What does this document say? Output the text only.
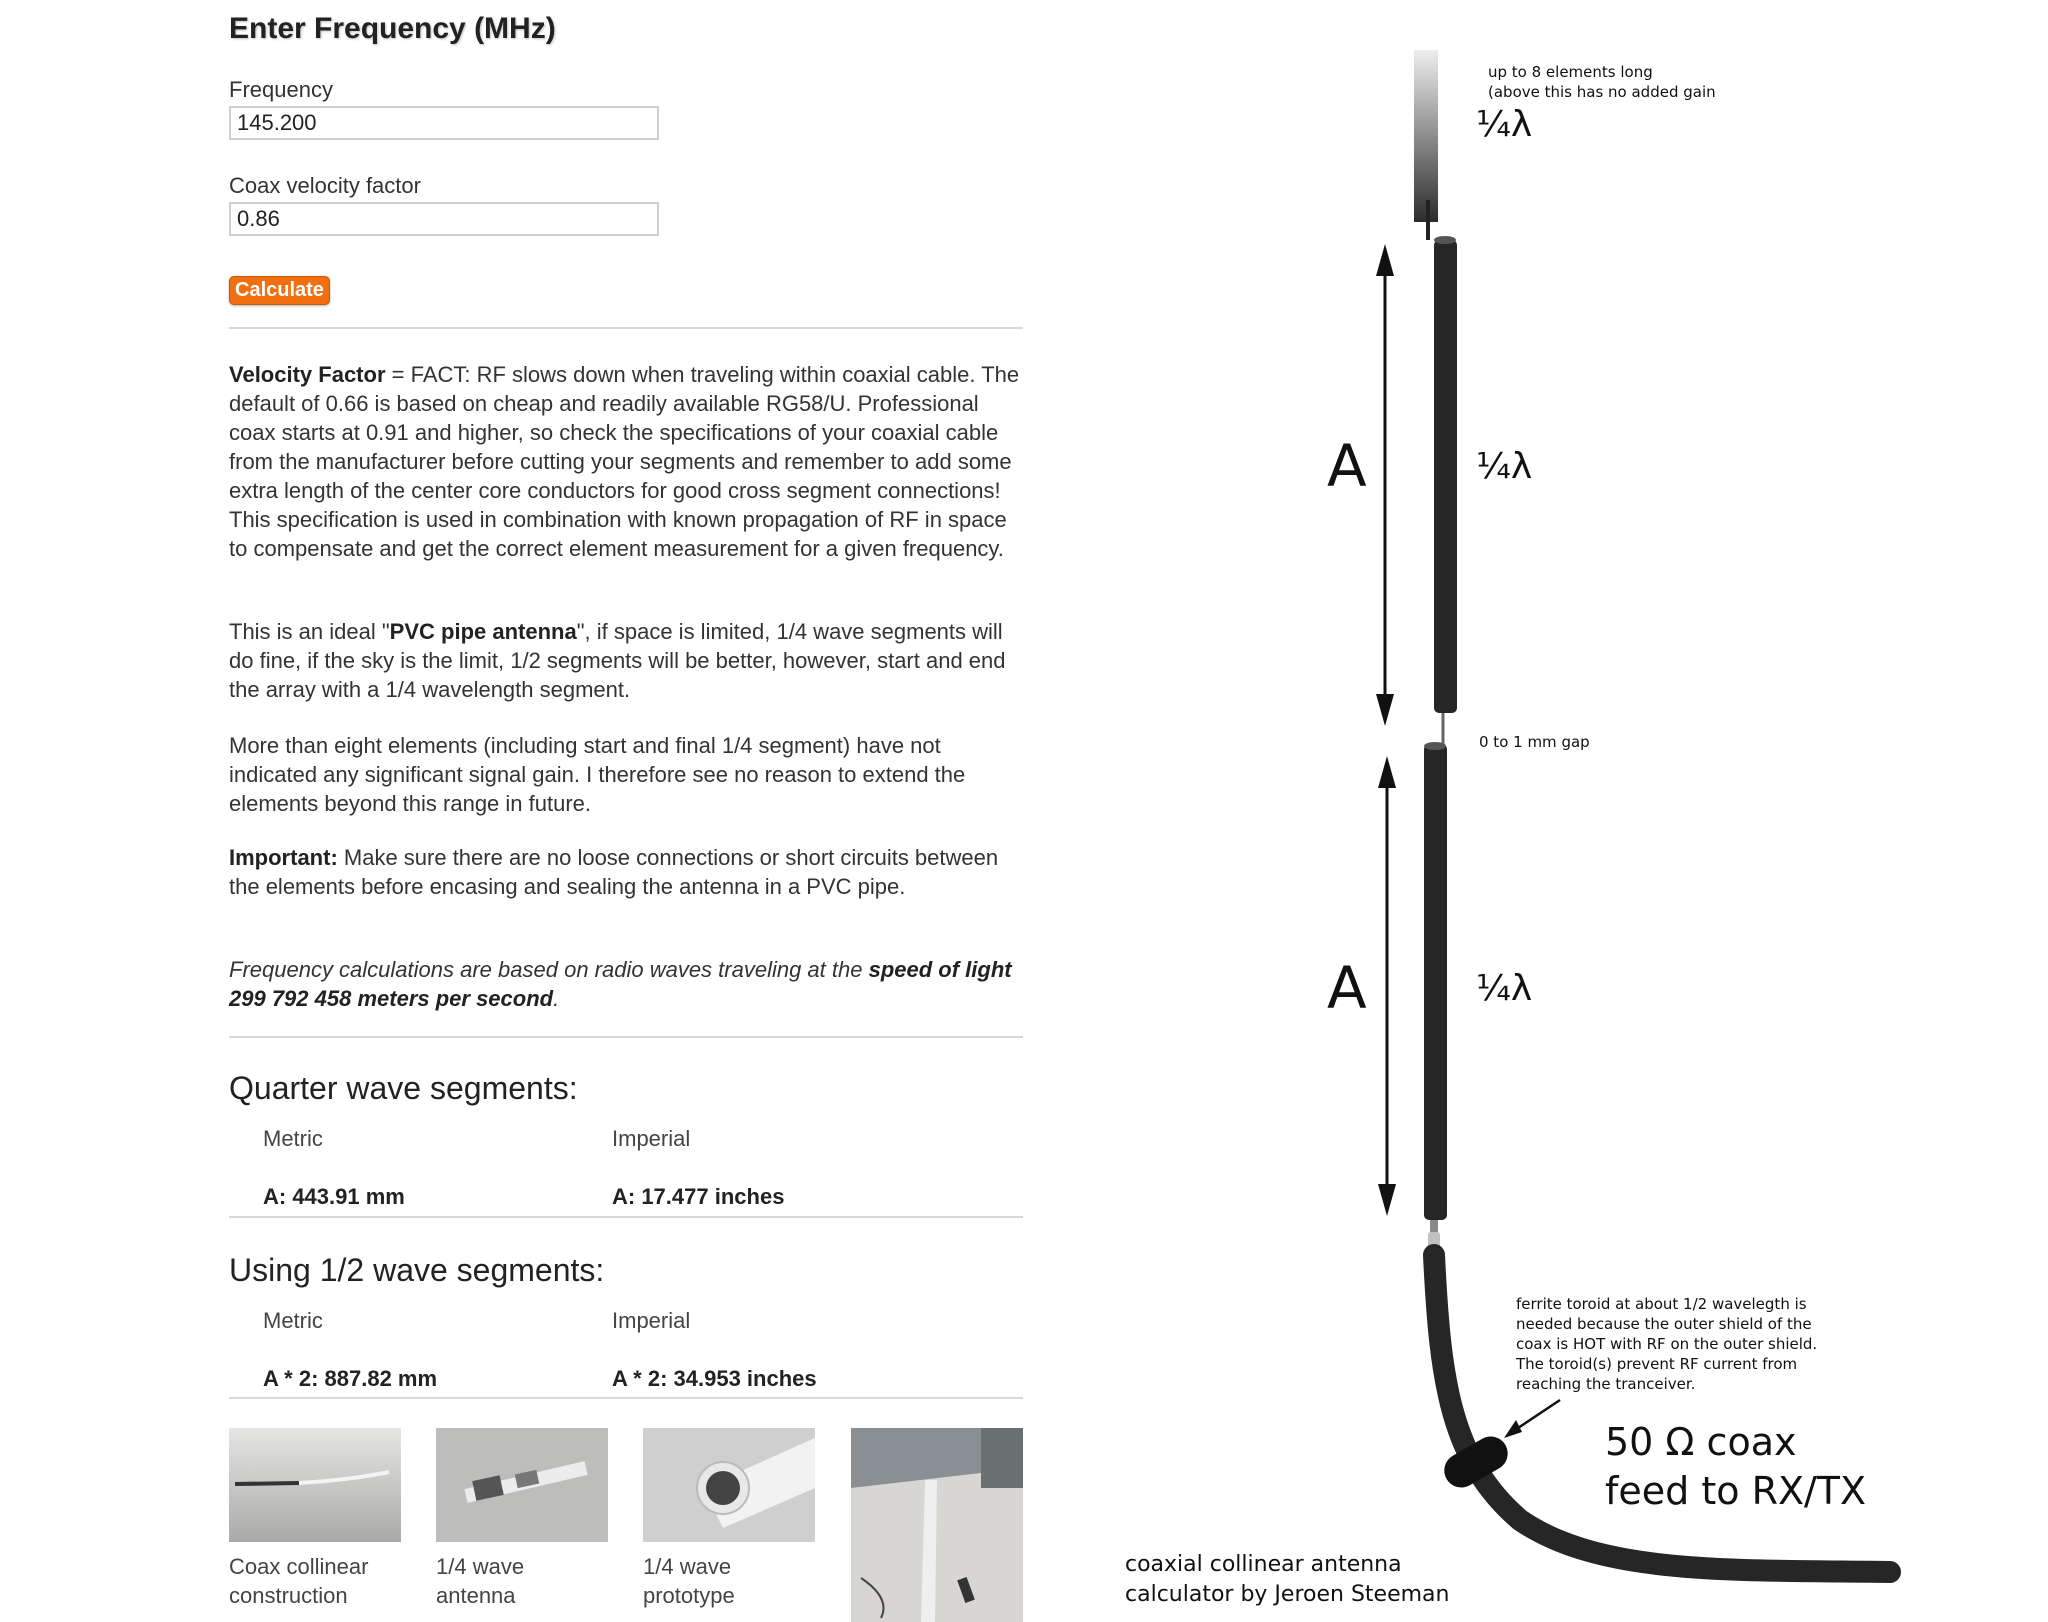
Enter Frequency (MHz)
Frequency
145.200
Coax velocity factor
0.86
Calculate

Velocity Factor = FACT: RF slows down when traveling within coaxial cable. The default of 0.66 is based on cheap and readily available RG58/U. Professional coax starts at 0.91 and higher, so check the specifications of your coaxial cable from the manufacturer before cutting your segments and remember to add some extra length of the center core conductors for good cross segment connections! This specification is used in combination with known propagation of RF in space to compensate and get the correct element measurement for a given frequency.

This is an ideal "PVC pipe antenna", if space is limited, 1/4 wave segments will do fine, if the sky is the limit, 1/2 segments will be better, however, start and end the array with a 1/4 wavelength segment.

More than eight elements (including start and final 1/4 segment) have not indicated any significant signal gain. I therefore see no reason to extend the elements beyond this range in future.

Important: Make sure there are no loose connections or short circuits between the elements before encasing and sealing the antenna in a PVC pipe.

Frequency calculations are based on radio waves traveling at the speed of light 299 792 458 meters per second.

Quarter wave segments:
Metric	Imperial
A: 443.91 mm	A: 17.477 inches
Using 1/2 wave segments:
Metric	Imperial
A * 2: 887.82 mm	A * 2: 34.953 inches
Coax collinear
construction
1/4 wave
antenna
1/4 wave
prototype
up to 8 elements long
(above this has no added gain
¼λ
A	¼λ
0 to 1 mm gap
A	¼λ
ferrite toroid at about 1/2 wavelegth is
needed because the outer shield of the
coax is HOT with RF on the outer shield.
The toroid(s) prevent RF current from
reaching the tranceiver.
50 Ω coax
feed to RX/TX
coaxial collinear antenna
calculator by Jeroen Steeman
